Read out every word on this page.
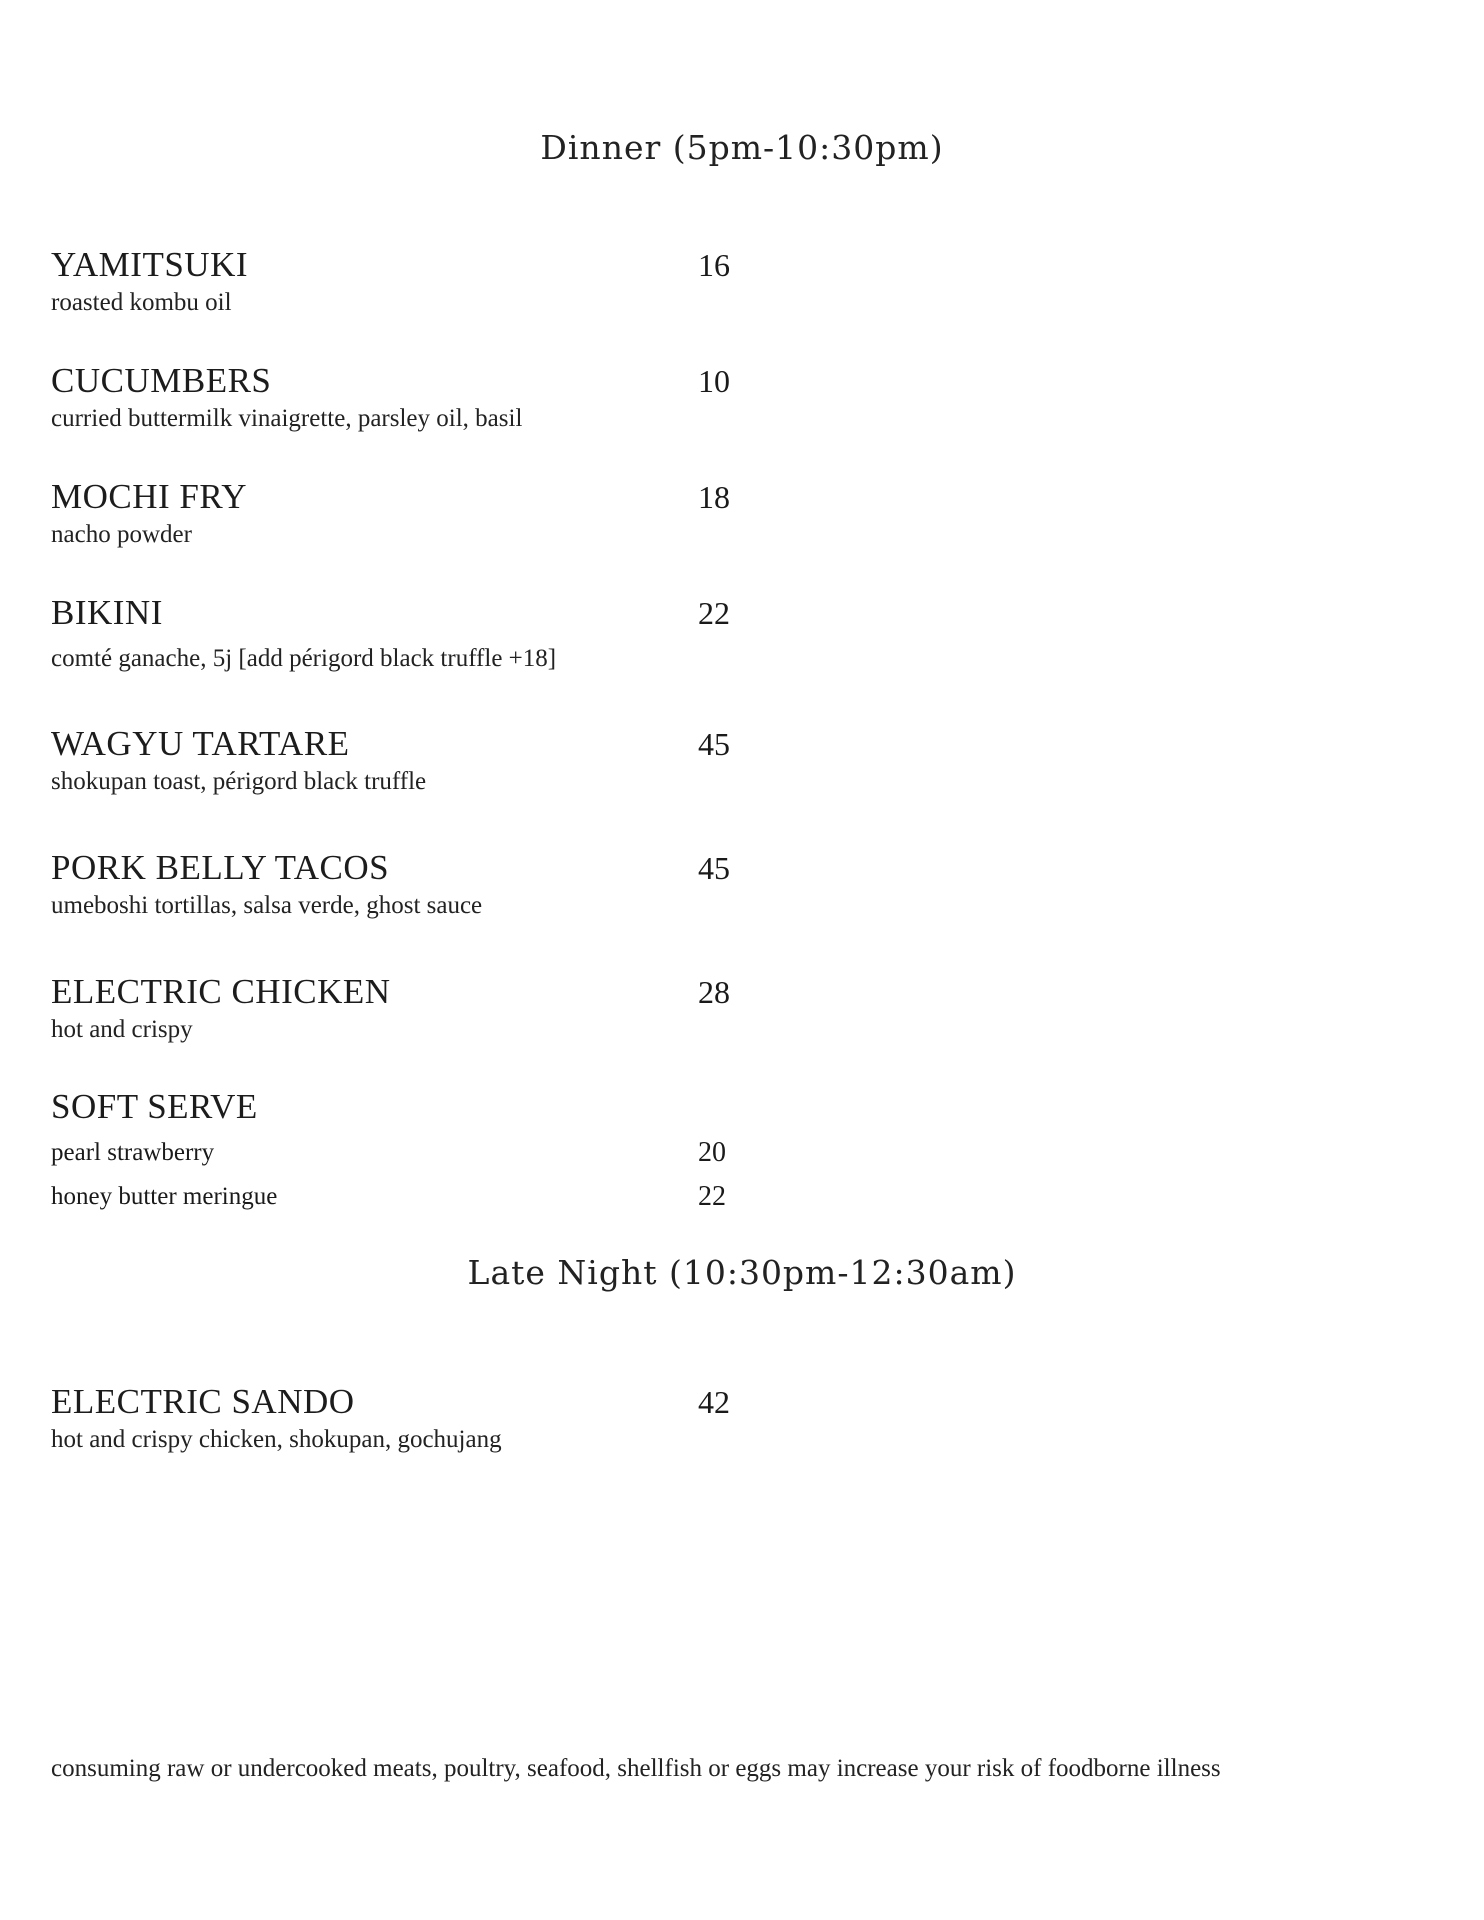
Dinner (5pm-10:30pm)
YAMITSUKI
roasted kombu oil
16
CUCUMBERS
curried buttermilk vinaigrette, parsley oil, basil
10
MOCHI FRY
nacho powder
18
BIKINI
comté ganache, 5j [add périgord black truffle +18]
22
WAGYU TARTARE
shokupan toast, périgord black truffle
45
PORK BELLY TACOS
umeboshi tortillas, salsa verde, ghost sauce
45
ELECTRIC CHICKEN
hot and crispy
28
SOFT SERVE
pearl strawberry	20
honey butter meringue	22
Late Night (10:30pm-12:30am)
ELECTRIC SANDO
hot and crispy chicken, shokupan, gochujang
42
consuming raw or undercooked meats, poultry, seafood, shellfish or eggs may increase your risk of foodborne illness
